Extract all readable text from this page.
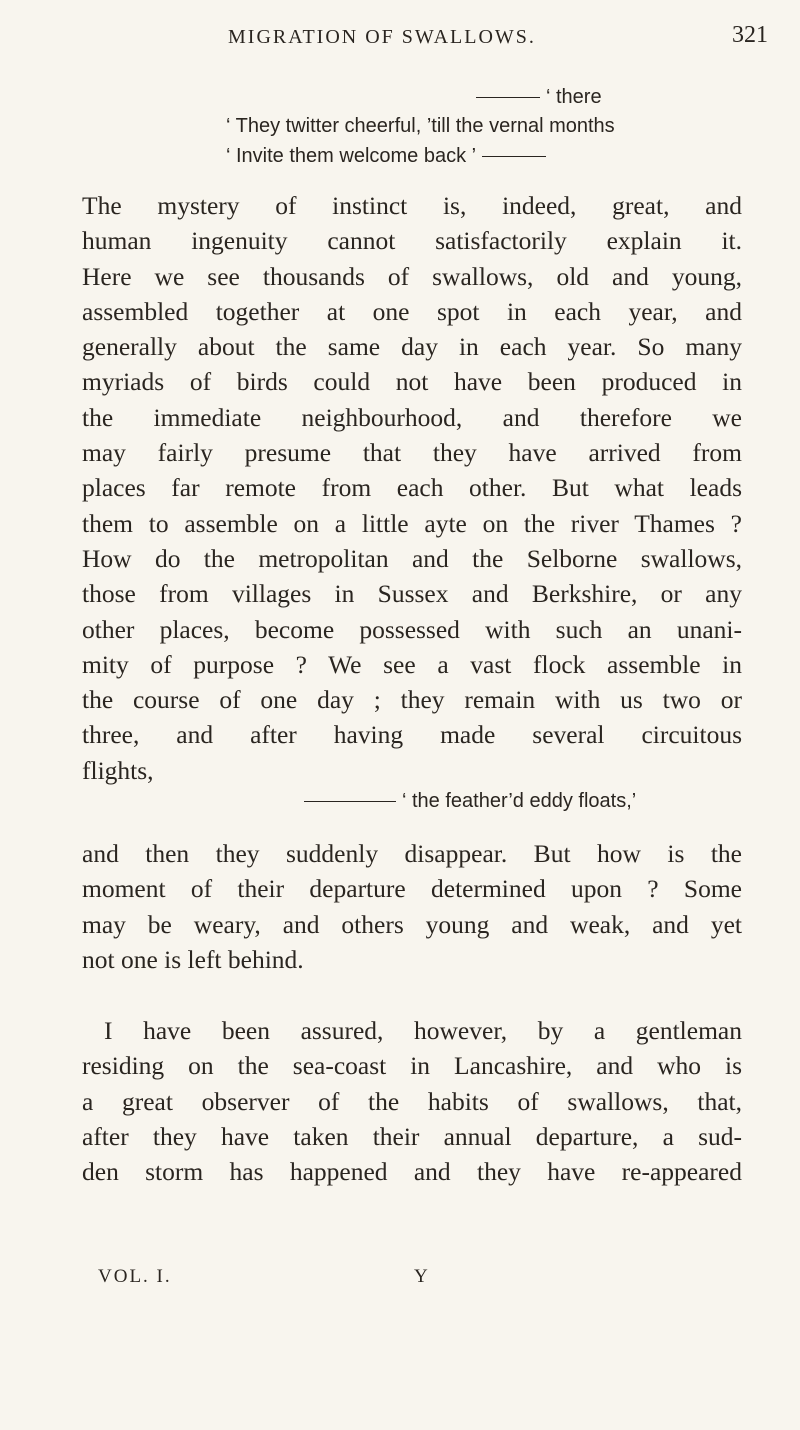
MIGRATION OF SWALLOWS.	321
‘ there
‘ They twitter cheerful, ’till the vernal months
‘ Invite them welcome back ’

The mystery of instinct is, indeed, great, and
human ingenuity cannot satisfactorily explain it.
Here we see thousands of swallows, old and young,
assembled together at one spot in each year, and
generally about the same day in each year. So many
myriads of birds could not have been produced in
the immediate neighbourhood, and therefore we
may fairly presume that they have arrived from
places far remote from each other. But what leads
them to assemble on a little ayte on the river Thames ?
How do the metropolitan and the Selborne swallows,
those from villages in Sussex and Berkshire, or any
other places, become possessed with such an unani-
mity of purpose ? We see a vast flock assemble in
the course of one day ; they remain with us two or
three, and after having made several circuitous
flights,

‘ the feather’d eddy floats,’

and then they suddenly disappear. But how is the
moment of their departure determined upon ? Some
may be weary, and others young and weak, and yet
not one is left behind.

I have been assured, however, by a gentleman
residing on the sea-coast in Lancashire, and who is
a great observer of the habits of swallows, that,
after they have taken their annual departure, a sud-
den storm has happened and they have re-appeared

VOL. I.	Y
